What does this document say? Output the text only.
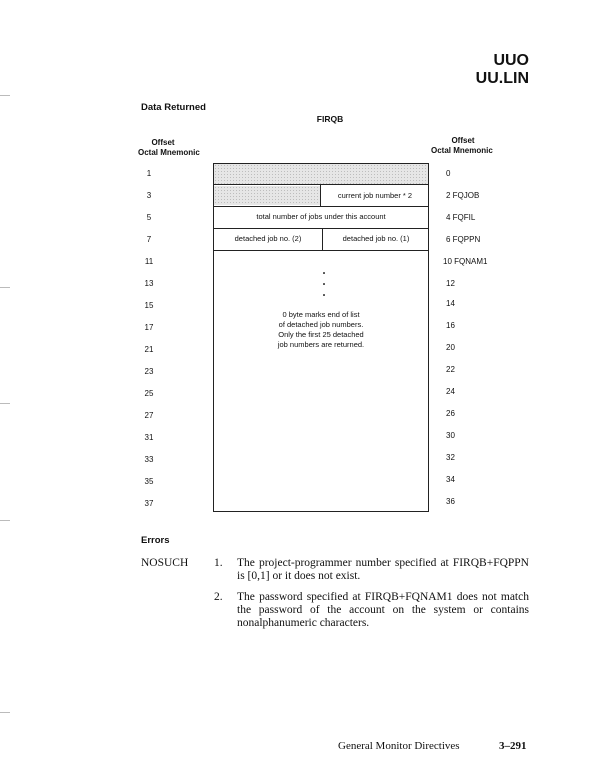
UUO
UU.LIN
Data Returned
FIRQB
Offset
Octal Mnemonic
Offset
Octal Mnemonic
1
3
5
7
11
13
15
17
21
23
25
27
31
33
35
37
0
2 FQJOB
4 FQFIL
6 FQPPN
10 FQNAM1
12
14
16
20
22
24
26
30
32
34
36
current job number * 2
total number of jobs under this account
detached job no. (2)	detached job no. (1)
0 byte marks end of list
of detached job numbers.
Only the first 25 detached
job numbers are returned.
Errors
NOSUCH 1. The project-programmer number specified at FIRQB+FQPPN is [0,1] or it does not exist.
2. The password specified at FIRQB+FQNAM1 does not match the password of the account on the system or contains nonalphanumeric characters.
General Monitor Directives	3–291
